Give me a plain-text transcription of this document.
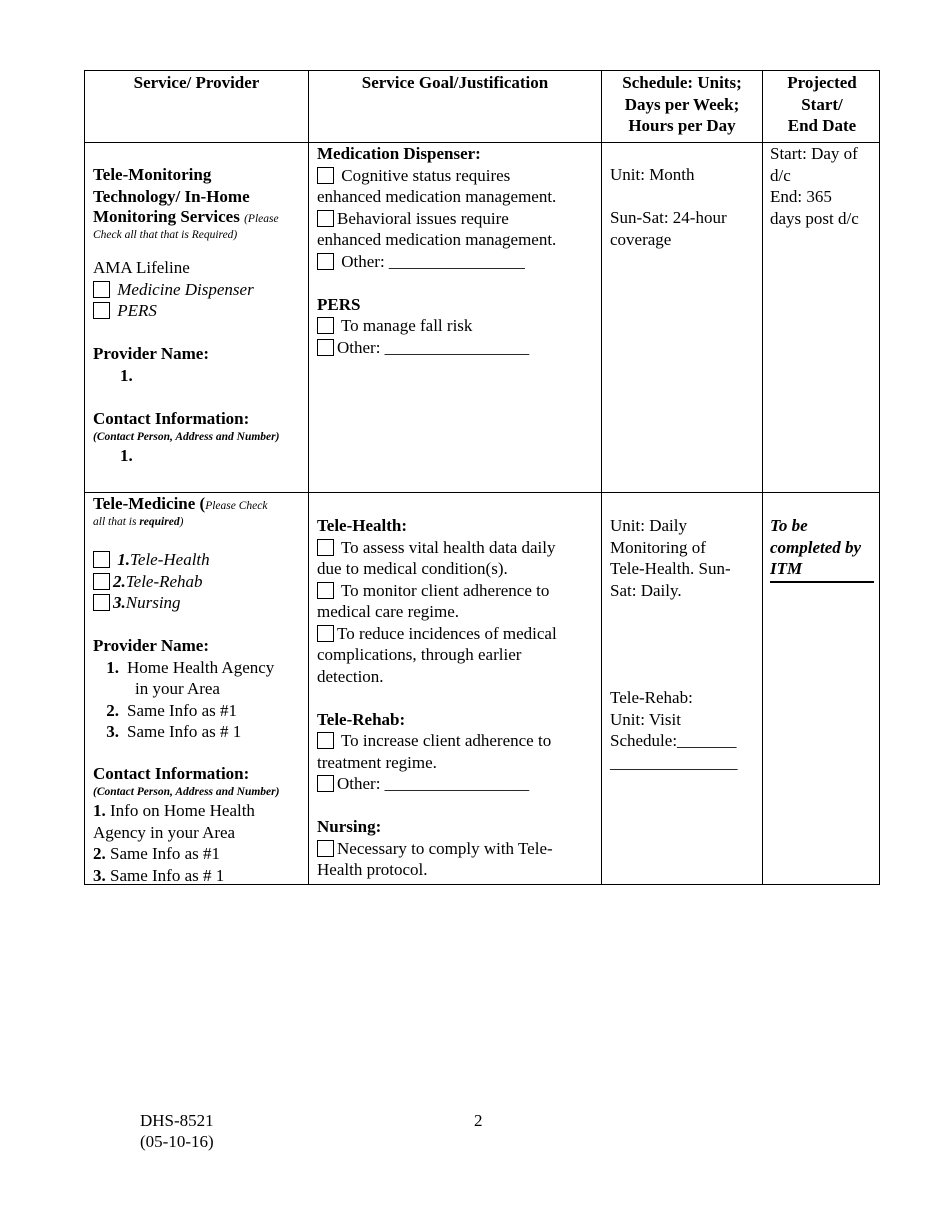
Service/ Provider	Service Goal/Justification	Schedule: Units;
Days per Week;
Hours per Day
Projected
Start/
End Date
Tele-Monitoring
Technology/ In-Home
Monitoring Services (Please
Check all that that is Required)
AMA Lifeline
Medicine Dispenser
PERS
Provider Name:
1.
Contact Information:
(Contact Person, Address and Number)
1.
Medication Dispenser:
Cognitive status requires
enhanced medication management.
Behavioral issues require
enhanced medication management.
Other: ________________
PERS
To manage fall risk
Other: _________________
Unit: Month
Sun-Sat: 24-hour
coverage
Start: Day of
d/c
End: 365
days post d/c
Tele-Medicine (Please Check
all that is required)
1.Tele-Health
2.Tele-Rehab
3.Nursing
Provider Name:
1. Home Health Agency
in your Area
2. Same Info as #1
3. Same Info as # 1
Contact Information:
(Contact Person, Address and Number)
1. Info on Home Health
Agency in your Area
2. Same Info as #1
3. Same Info as # 1
Tele-Health:
To assess vital health data daily
due to medical condition(s).
To monitor client adherence to
medical care regime.
To reduce incidences of medical
complications, through earlier
detection.
Tele-Rehab:
To increase client adherence to
treatment regime.
Other: _________________
Nursing:
Necessary to comply with Tele-
Health protocol.
Unit: Daily
Monitoring of
Tele-Health. Sun-
Sat: Daily.
Tele-Rehab:
Unit: Visit
Schedule:_______
_______________
To be
completed by
ITM
DHS-8521
(05-10-16)
2
